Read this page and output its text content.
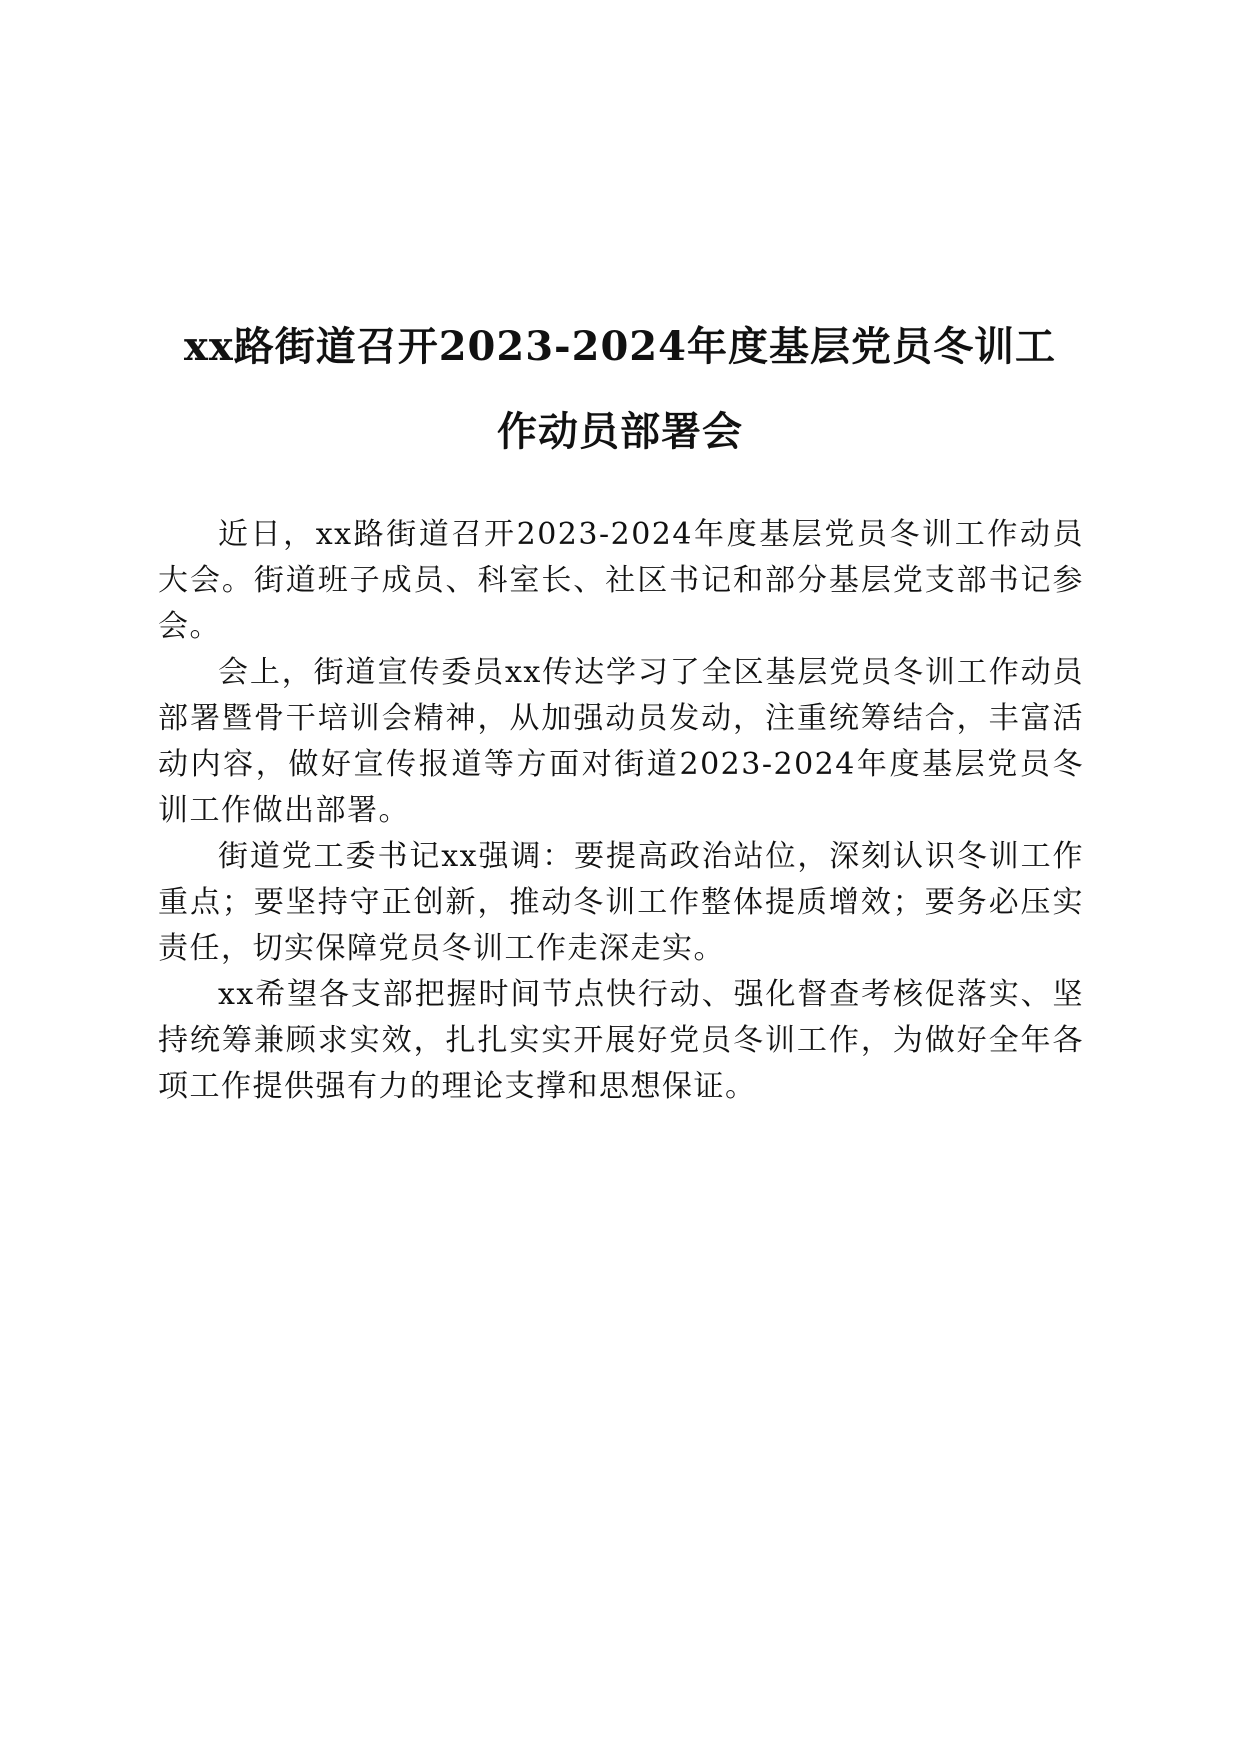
xx路街道召开2023-2024年度基层党员冬训工
作动员部署会

近日，xx路街道召开2023-2024年度基层党员冬训工作动员大会。街道班子成员、科室长、社区书记和部分基层党支部书记参会。

会上，街道宣传委员xx传达学习了全区基层党员冬训工作动员部署暨骨干培训会精神，从加强动员发动，注重统筹结合，丰富活动内容，做好宣传报道等方面对街道2023-2024年度基层党员冬训工作做出部署。

街道党工委书记xx强调：要提高政治站位，深刻认识冬训工作重点；要坚持守正创新，推动冬训工作整体提质增效；要务必压实责任，切实保障党员冬训工作走深走实。

xx希望各支部把握时间节点快行动、强化督查考核促落实、坚持统筹兼顾求实效，扎扎实实开展好党员冬训工作，为做好全年各项工作提供强有力的理论支撑和思想保证。
